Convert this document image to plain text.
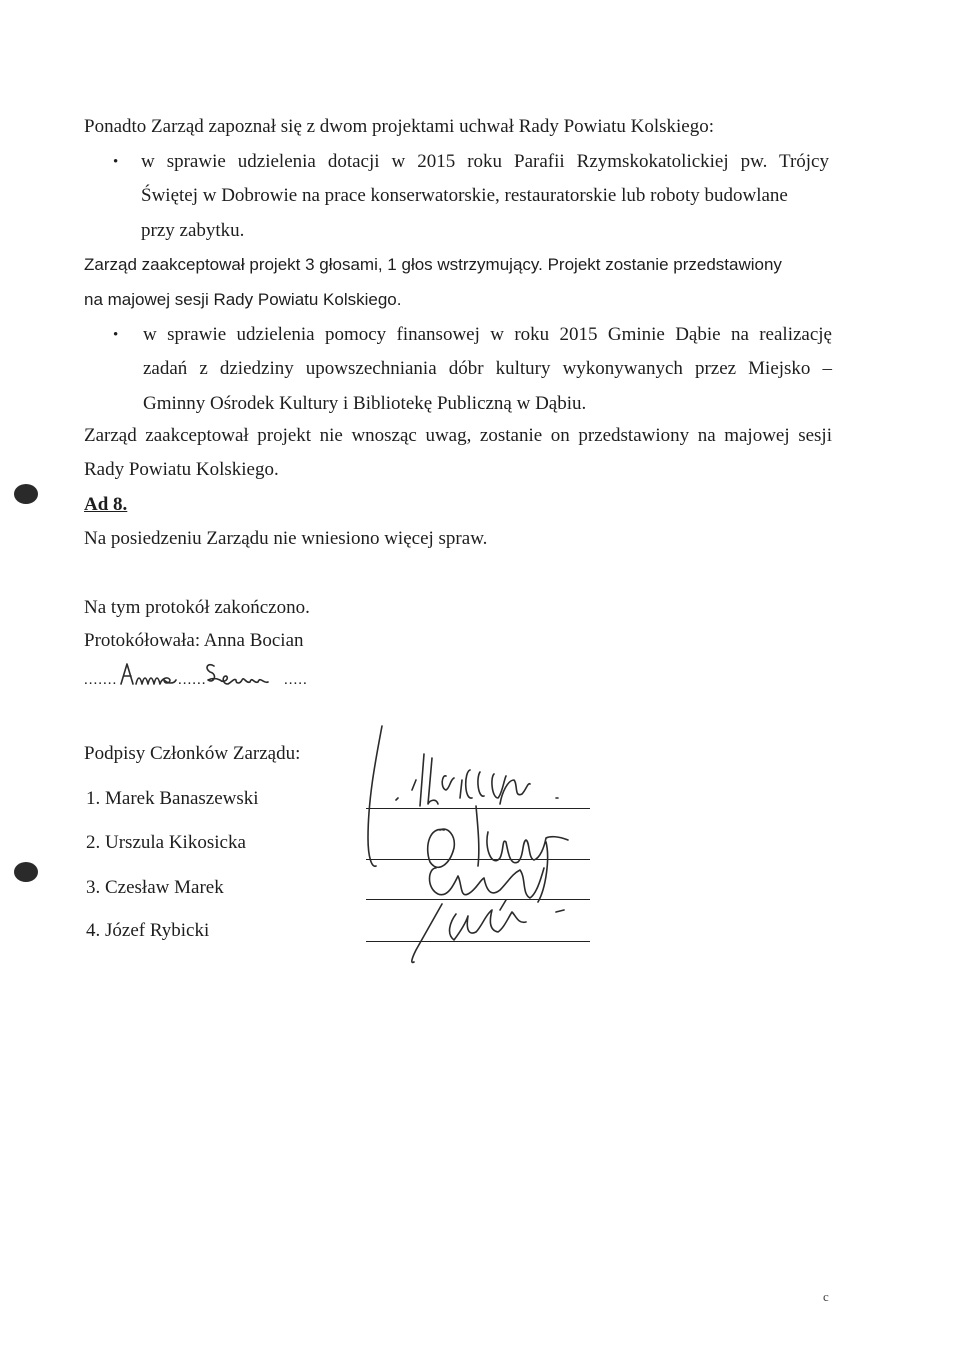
Ponadto Zarząd zapoznał się z dwom projektami uchwał Rady Powiatu Kolskiego:
• w sprawie udzielenia dotacji w 2015 roku Parafii Rzymskokatolickiej pw. Trójcy
Świętej w Dobrowie na prace konserwatorskie, restauratorskie lub roboty budowlane
przy zabytku.
Zarząd zaakceptował projekt 3 głosami, 1 głos wstrzymujący. Projekt zostanie przedstawiony
na majowej sesji Rady Powiatu Kolskiego.
• w sprawie udzielenia pomocy finansowej w roku 2015 Gminie Dąbie na realizację
zadań z dziedziny upowszechniania dóbr kultury wykonywanych przez Miejsko –
Gminny Ośrodek Kultury i Bibliotekę Publiczną w Dąbiu.
Zarząd zaakceptował projekt nie wnosząc uwag, zostanie on przedstawiony na majowej sesji
Rady Powiatu Kolskiego.
Ad 8.
Na posiedzeniu Zarządu nie wniesiono więcej spraw.
Na tym protokół zakończono.
Protokółowała: Anna Bocian
.......	......	.....
Podpisy Członków Zarządu:
1. Marek Banaszewski
2. Urszula Kikosicka
3. Czesław Marek
4. Józef Rybicki
c
